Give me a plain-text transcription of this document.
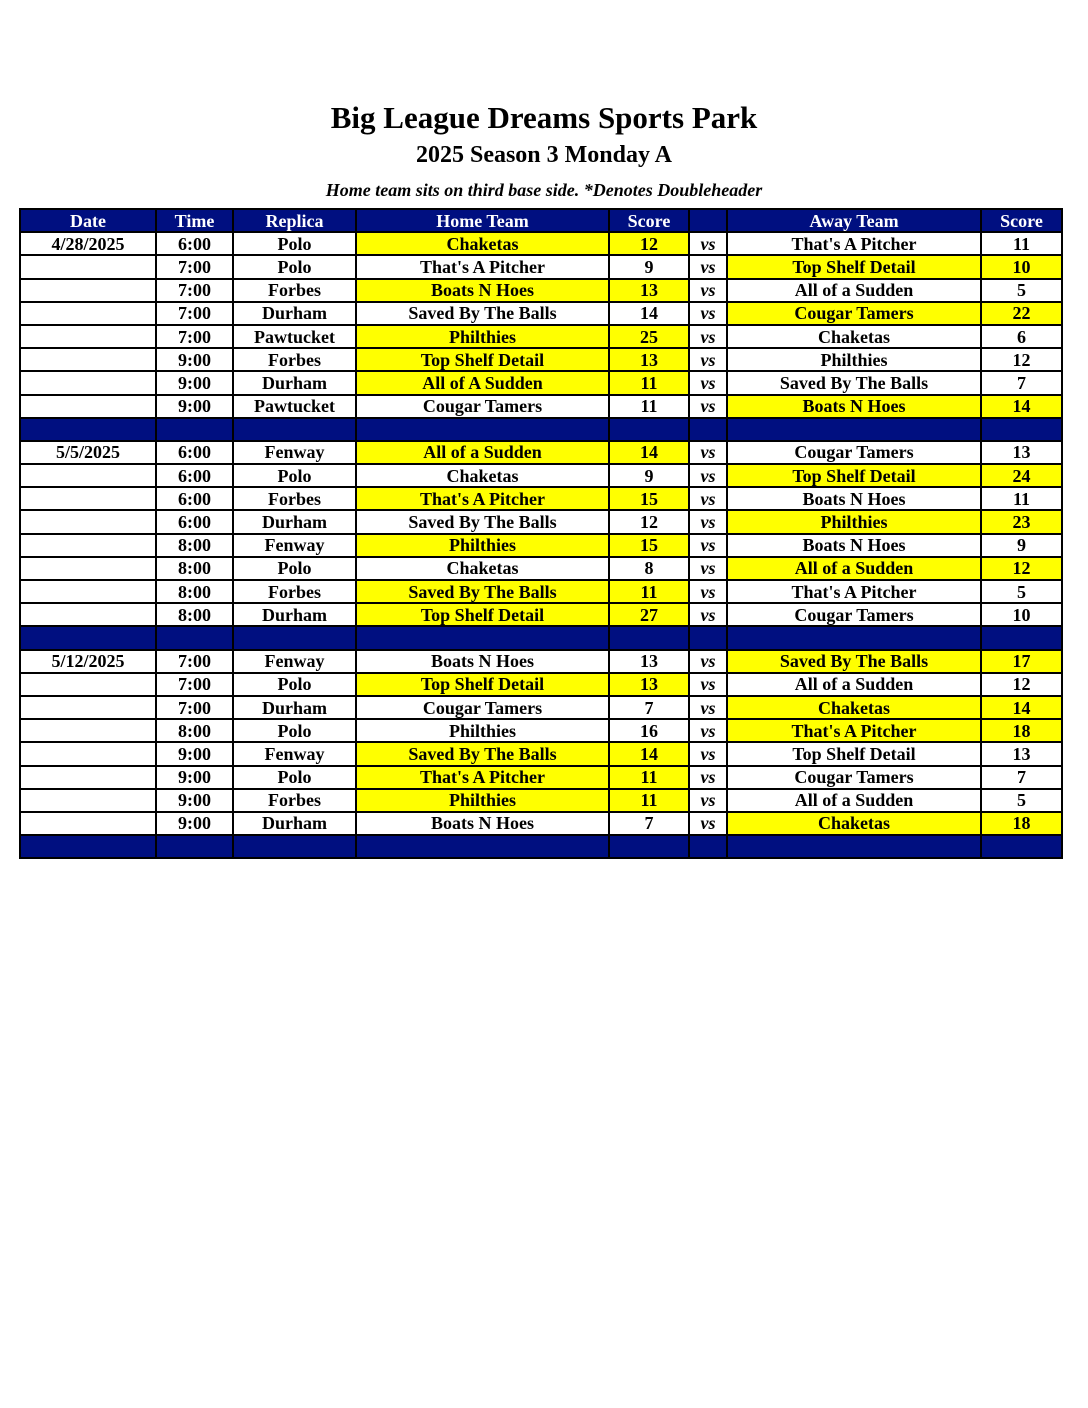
Big League Dreams Sports Park
2025 Season 3 Monday A

Home team sits on third base side. *Denotes Doubleheader

Date	Time	Replica	Home Team	Score		Away Team	Score
4/28/2025	6:00	Polo	Chaketas	12	vs	That's A Pitcher	11
	7:00	Polo	That's A Pitcher	9	vs	Top Shelf Detail	10
	7:00	Forbes	Boats N Hoes	13	vs	All of a Sudden	5
	7:00	Durham	Saved By The Balls	14	vs	Cougar Tamers	22
	7:00	Pawtucket	Philthies	25	vs	Chaketas	6
	9:00	Forbes	Top Shelf Detail	13	vs	Philthies	12
	9:00	Durham	All of A Sudden	11	vs	Saved By The Balls	7
	9:00	Pawtucket	Cougar Tamers	11	vs	Boats N Hoes	14

5/5/2025	6:00	Fenway	All of a Sudden	14	vs	Cougar Tamers	13
	6:00	Polo	Chaketas	9	vs	Top Shelf Detail	24
	6:00	Forbes	That's A Pitcher	15	vs	Boats N Hoes	11
	6:00	Durham	Saved By The Balls	12	vs	Philthies	23
	8:00	Fenway	Philthies	15	vs	Boats N Hoes	9
	8:00	Polo	Chaketas	8	vs	All of a Sudden	12
	8:00	Forbes	Saved By The Balls	11	vs	That's A Pitcher	5
	8:00	Durham	Top Shelf Detail	27	vs	Cougar Tamers	10

5/12/2025	7:00	Fenway	Boats N Hoes	13	vs	Saved By The Balls	17
	7:00	Polo	Top Shelf Detail	13	vs	All of a Sudden	12
	7:00	Durham	Cougar Tamers	7	vs	Chaketas	14
	8:00	Polo	Philthies	16	vs	That's A Pitcher	18
	9:00	Fenway	Saved By The Balls	14	vs	Top Shelf Detail	13
	9:00	Polo	That's A Pitcher	11	vs	Cougar Tamers	7
	9:00	Forbes	Philthies	11	vs	All of a Sudden	5
	9:00	Durham	Boats N Hoes	7	vs	Chaketas	18
